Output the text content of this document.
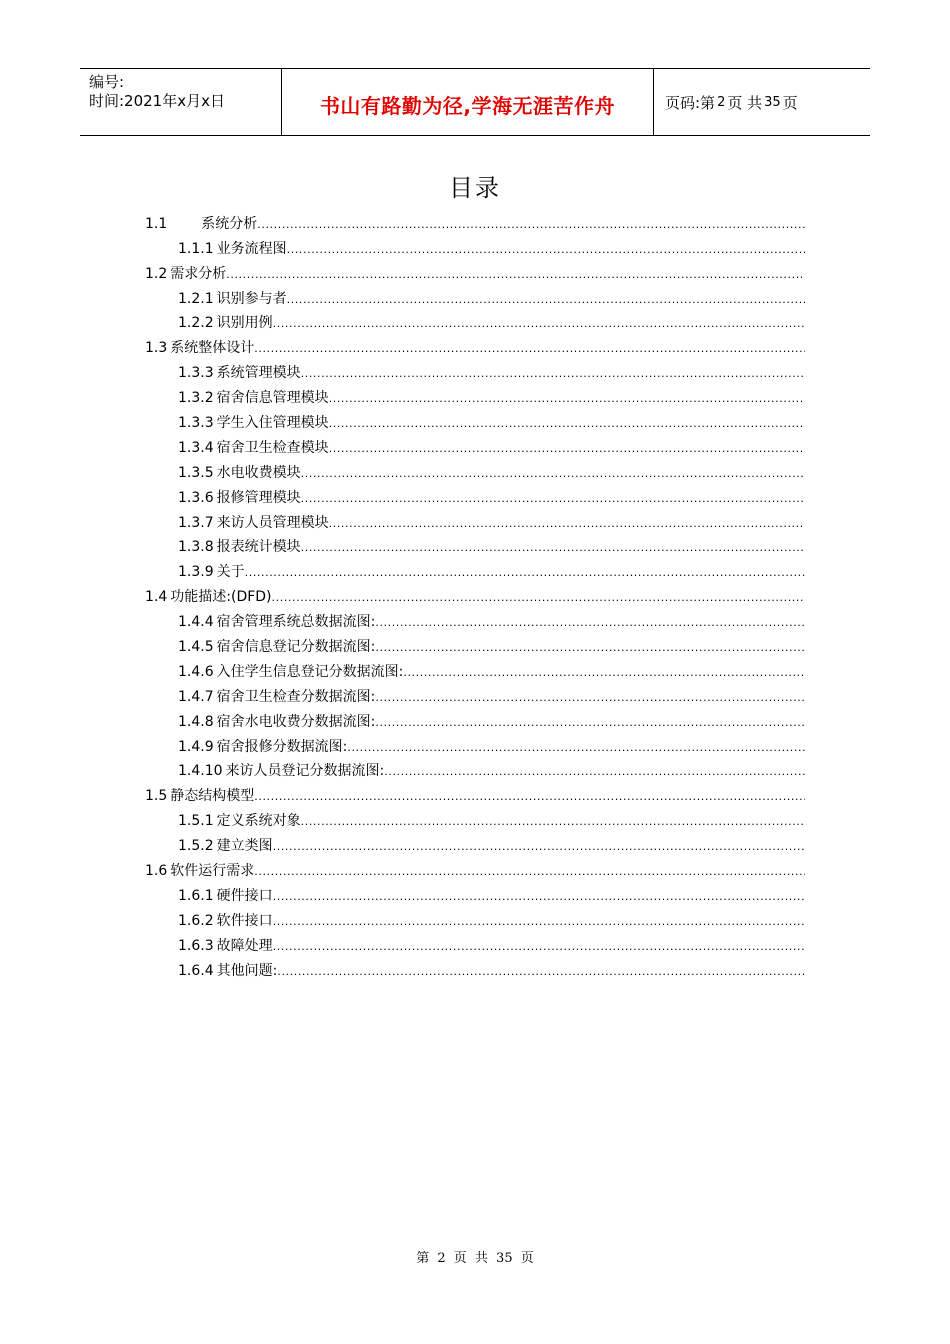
编号:
时间:2021年x月x日	书山有路勤为径,学海无涯苦作舟	页码:第 2 页 共 35 页
目录
1.1 系统分析
.....
1.1.1 业务流程图
.....
1.2 需求分析
.....
1.2.1 识别参与者
.....
1.2.2 识别用例
.....
1.3 系统整体设计
.....
1.3.3 系统管理模块
.....
1.3.2 宿舍信息管理模块
.....
1.3.3 学生入住管理模块
.....
1.3.4 宿舍卫生检查模块
.....
1.3.5 水电收费模块
.....
1.3.6 报修管理模块
.....
1.3.7 来访人员管理模块
.....
1.3.8 报表统计模块
.....
1.3.9 关于
.....
1.4 功能描述:(DFD)
.....
1.4.4 宿舍管理系统总数据流图:
.....
1.4.5 宿舍信息登记分数据流图:
.....
1.4.6 入住学生信息登记分数据流图:
.....
1.4.7 宿舍卫生检查分数据流图:
.....
1.4.8 宿舍水电收费分数据流图:
.....
1.4.9 宿舍报修分数据流图:
.....
1.4.10 来访人员登记分数据流图:
.....
1.5 静态结构模型
.....
1.5.1 定义系统对象
.....
1.5.2 建立类图
.....
1.6 软件运行需求
.....
1.6.1 硬件接口
.....
1.6.2 软件接口
.....
1.6.3 故障处理
.....
1.6.4 其他问题:
.....
第 2 页 共 35 页
